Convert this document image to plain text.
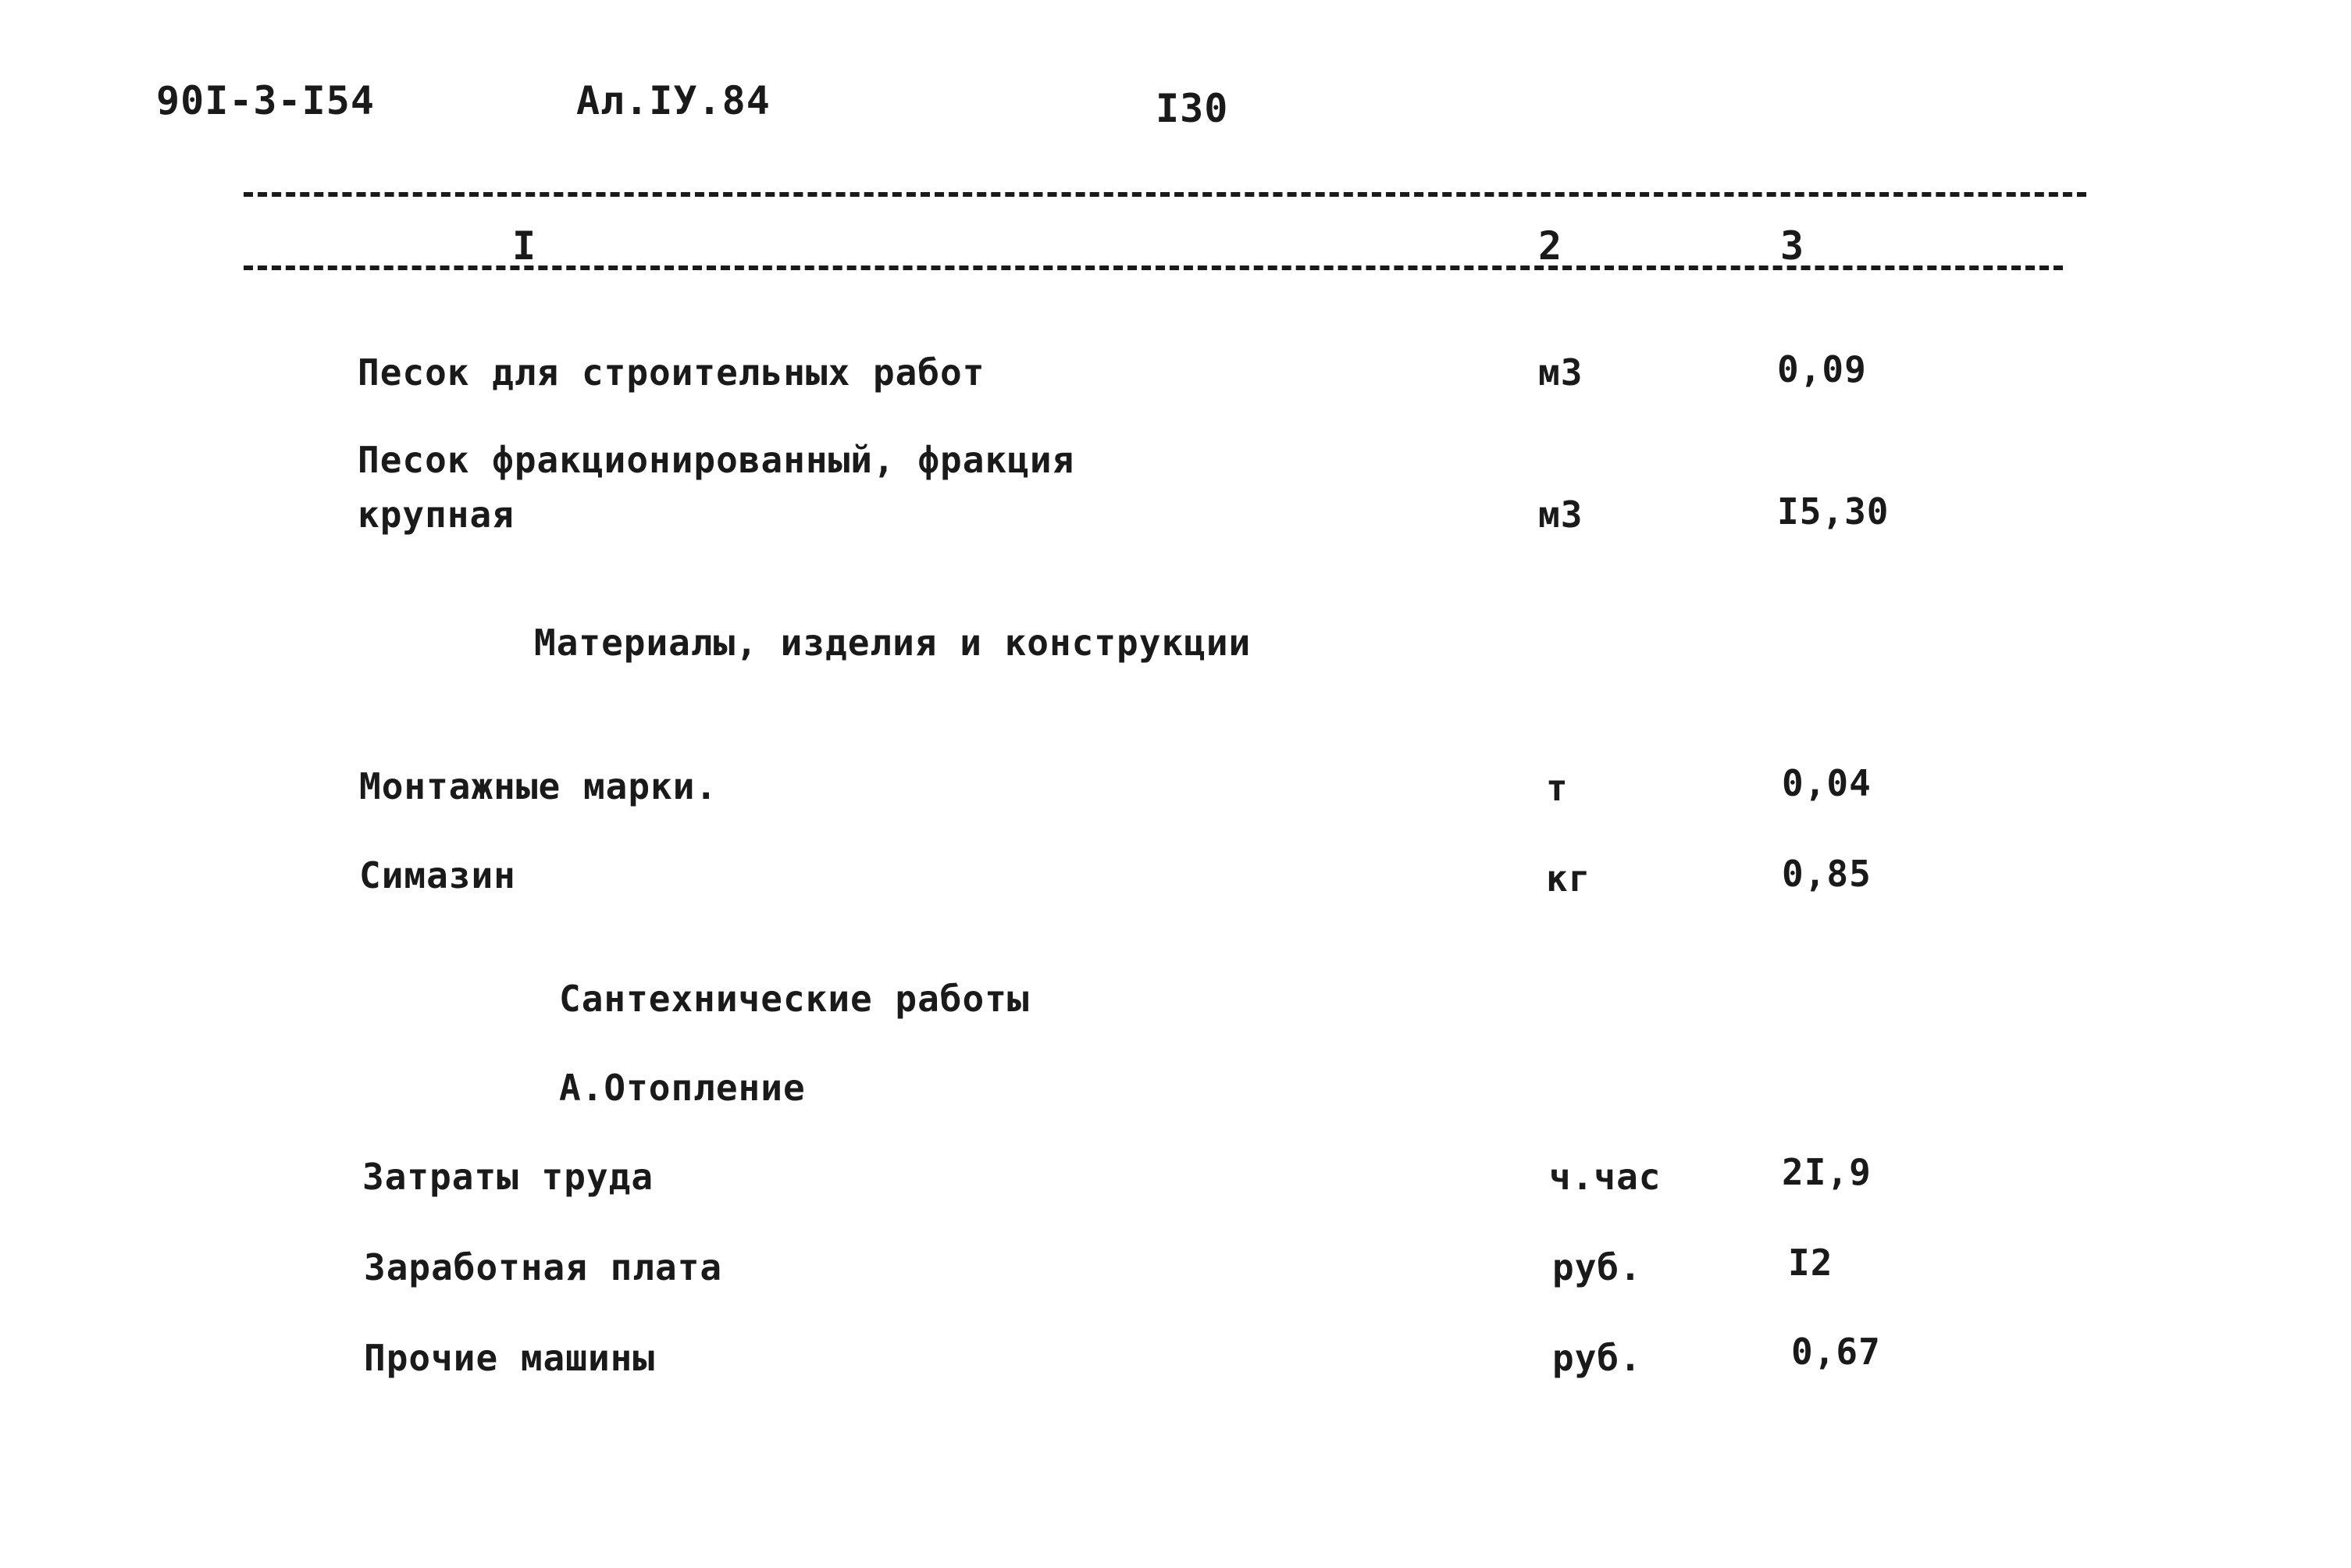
90I-3-I54	Ал.IУ.84	I30
I	2	3
Песок для строительных работ	м3	0,09
Песок фракционированный, фракция
крупная	м3	I5,30
Материалы, изделия и конструкции
Монтажные марки.	т	0,04
Симазин	кг	0,85
Сантехнические работы
А.Отопление
Затраты труда	ч.час	2I,9
Заработная плата	руб.	I2
Прочие машины	руб.	0,67
